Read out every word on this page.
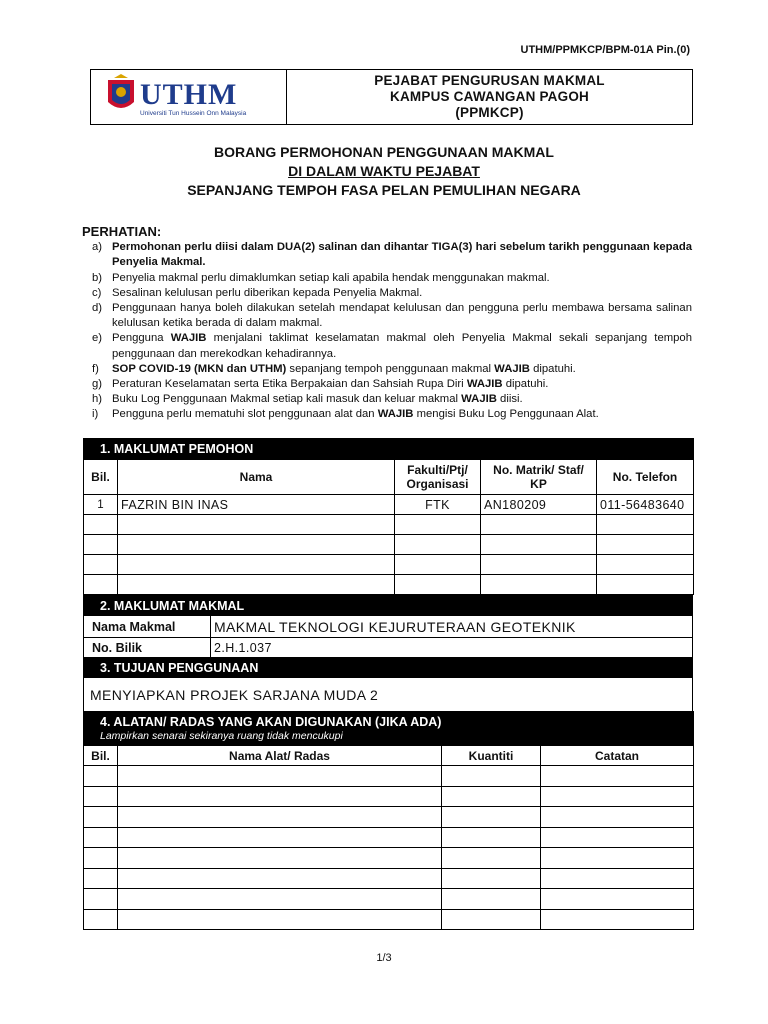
UTHM/PPMKCP/BPM-01A Pin.(0)
UTHM
Universiti Tun Hussein Onn Malaysia
PEJABAT PENGURUSAN MAKMAL
KAMPUS CAWANGAN PAGOH
(PPMKCP)
BORANG PERMOHONAN PENGGUNAAN MAKMAL
DI DALAM WAKTU PEJABAT
SEPANJANG TEMPOH FASA PELAN PEMULIHAN NEGARA
PERHATIAN:
a) Permohonan perlu diisi dalam DUA(2) salinan dan dihantar TIGA(3) hari sebelum tarikh penggunaan kepada Penyelia Makmal.
b) Penyelia makmal perlu dimaklumkan setiap kali apabila hendak menggunakan makmal.
c) Sesalinan kelulusan perlu diberikan kepada Penyelia Makmal.
d) Penggunaan hanya boleh dilakukan setelah mendapat kelulusan dan pengguna perlu membawa bersama salinan kelulusan ketika berada di dalam makmal.
e) Pengguna WAJIB menjalani taklimat keselamatan makmal oleh Penyelia Makmal sekali sepanjang tempoh penggunaan dan merekodkan kehadirannya.
f)	SOP COVID-19 (MKN dan UTHM) sepanjang tempoh penggunaan makmal WAJIB dipatuhi.
g) Peraturan Keselamatan serta Etika Berpakaian dan Sahsiah Rupa Diri WAJIB dipatuhi.
h) Buku Log Penggunaan Makmal setiap kali masuk dan keluar makmal WAJIB diisi.
i)	Pengguna perlu mematuhi slot penggunaan alat dan WAJIB mengisi Buku Log Penggunaan Alat.
1. MAKLUMAT PEMOHON				
Bil.	Nama	Fakulti/Ptj/ Organisasi	No. Matrik/ Staf/ KP	No. Telefon
1	FAZRIN BIN INAS	FTK	AN180209	011-56483640

2. MAKLUMAT MAKMAL	
Nama Makmal	MAKMAL TEKNOLOGI KEJURUTERAAN GEOTEKNIK
No. Bilik	2.H.1.037
3. TUJUAN PENGGUNAAN
MENYIAPKAN PROJEK SARJANA MUDA 2
4. ALATAN/ RADAS YANG AKAN DIGUNAKAN (JIKA ADA)
Lampirkan senarai sekiranya ruang tidak mencukupi			

Bil.	Nama Alat/ Radas	Kuantiti	Catatan

1/3
